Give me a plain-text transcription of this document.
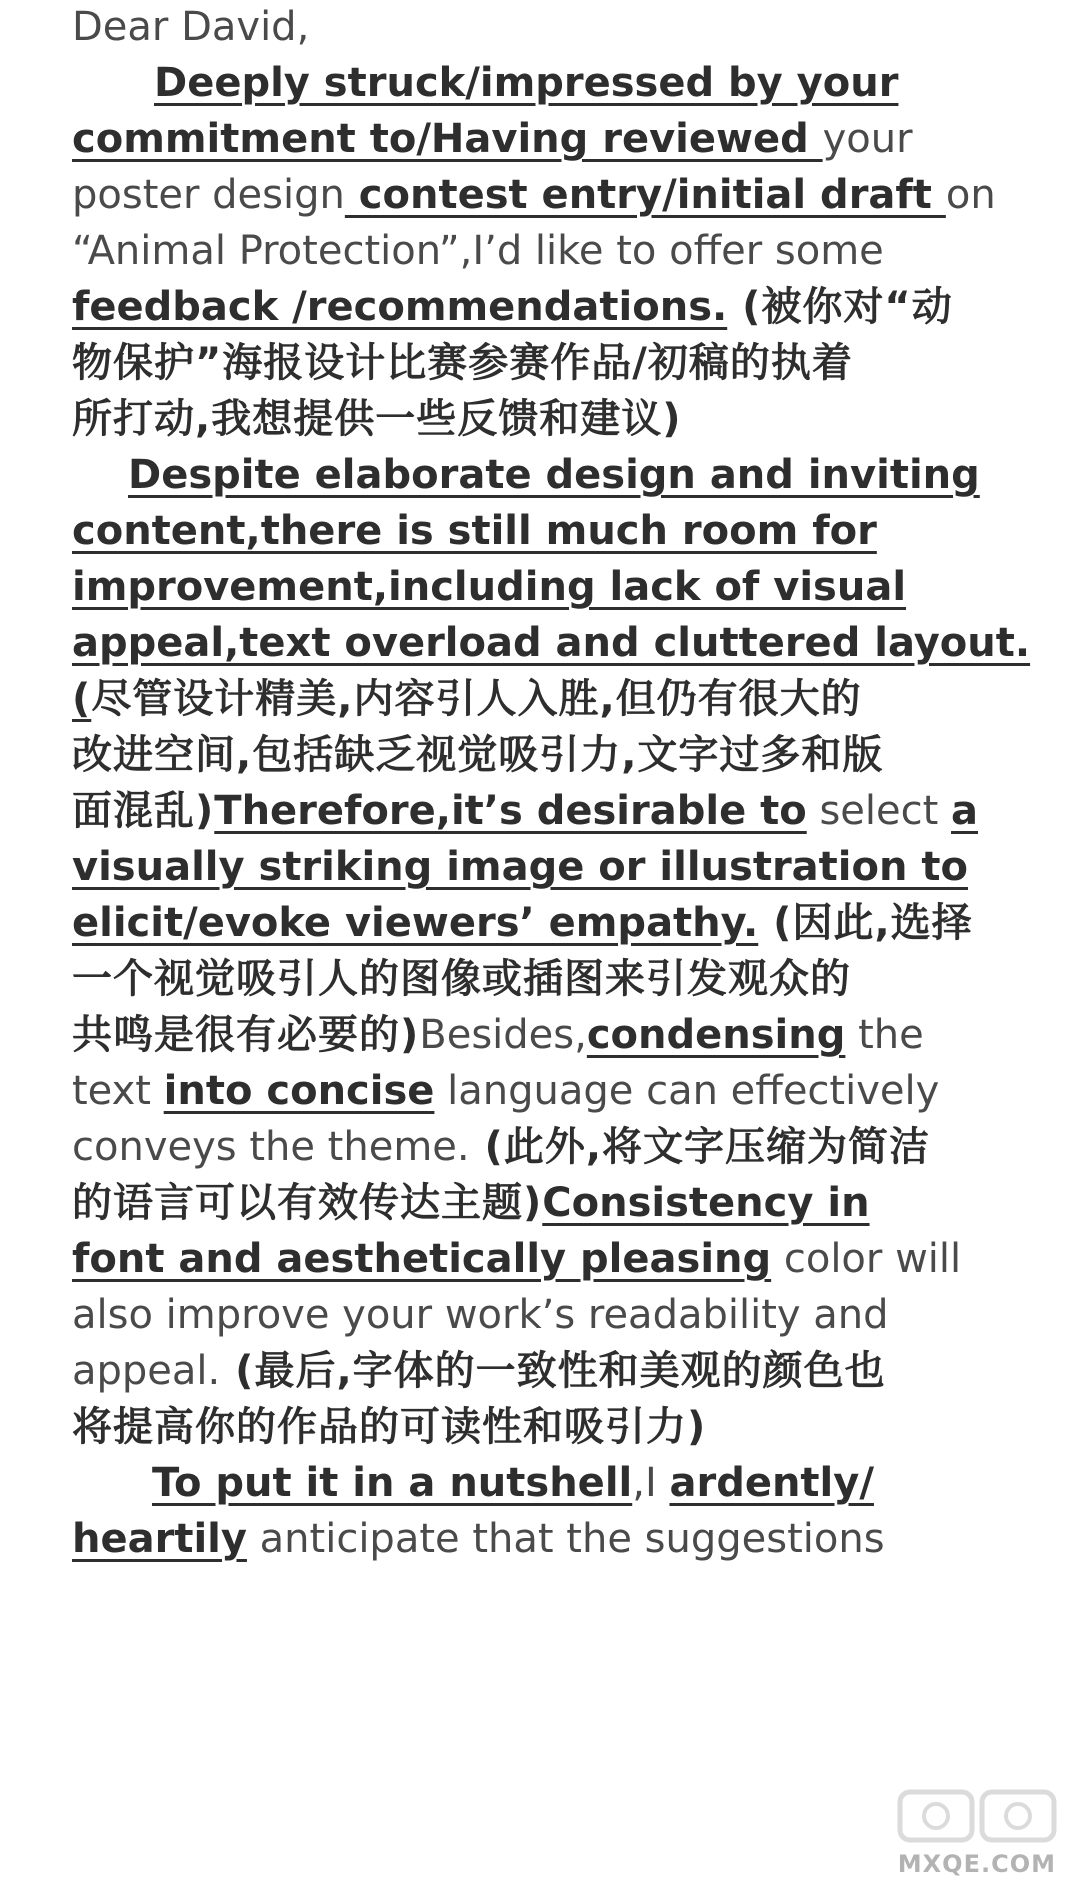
Dear David,
Deeply struck/impressed by your
commitment to/Having reviewed your
poster design contest entry/initial draft on
“Animal Protection”,I’d like to offer some
feedback /recommendations. (被你对“动
物保护”海报设计比赛参赛作品/初稿的执着
所打动,我想提供一些反馈和建议)
Despite elaborate design and inviting
content,there is still much room for
improvement,including lack of visual
appeal,text overload and cluttered layout.
(尽管设计精美,内容引人入胜,但仍有很大的
改进空间,包括缺乏视觉吸引力,文字过多和版
面混乱)Therefore,it’s desirable to select a
visually striking image or illustration to
elicit/evoke viewers’ empathy. (因此,选择
一个视觉吸引人的图像或插图来引发观众的
共鸣是很有必要的)Besides,condensing the
text into concise language can effectively
conveys the theme. (此外,将文字压缩为简洁
的语言可以有效传达主题)Consistency in
font and aesthetically pleasing color will
also improve your work’s readability and
appeal. (最后,字体的一致性和美观的颜色也
将提高你的作品的可读性和吸引力)
To put it in a nutshell,I ardently/
heartily anticipate that the suggestions
MXQE.COM
